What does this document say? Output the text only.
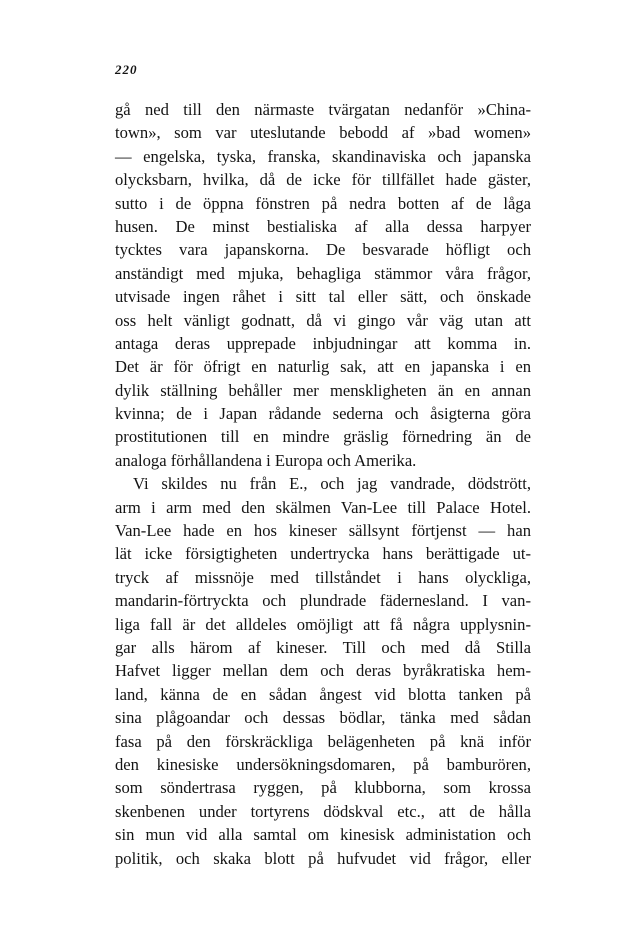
220
gå ned till den närmaste tvärgatan nedanför »China-
town», som var uteslutande bebodd af »bad women»
— engelska, tyska, franska, skandinaviska och japanska
olycksbarn, hvilka, då de icke för tillfället hade gäster,
sutto i de öppna fönstren på nedra botten af de låga
husen. De minst bestialiska af alla dessa harpyer
tycktes vara japanskorna. De besvarade höfligt och
anständigt med mjuka, behagliga stämmor våra frågor,
utvisade ingen råhet i sitt tal eller sätt, och önskade
oss helt vänligt godnatt, då vi gingo vår väg utan att
antaga deras upprepade inbjudningar att komma in.
Det är för öfrigt en naturlig sak, att en japanska i en
dylik ställning behåller mer menskligheten än en annan
kvinna; de i Japan rådande sederna och åsigterna göra
prostitutionen till en mindre gräslig förnedring än de
analoga förhållandena i Europa och Amerika.
Vi skildes nu från E., och jag vandrade, dödstrött,
arm i arm med den skälmen Van-Lee till Palace Hotel.
Van-Lee hade en hos kineser sällsynt förtjenst — han
lät icke försigtigheten undertrycka hans berättigade ut-
tryck af missnöje med tillståndet i hans olyckliga,
mandarin-förtryckta och plundrade fädernesland. I van-
liga fall är det alldeles omöjligt att få några upplysnin-
gar alls härom af kineser. Till och med då Stilla
Hafvet ligger mellan dem och deras byråkratiska hem-
land, känna de en sådan ångest vid blotta tanken på
sina plågoandar och dessas bödlar, tänka med sådan
fasa på den förskräckliga belägenheten på knä inför
den kinesiske undersökningsdomaren, på bamburören,
som söndertrasa ryggen, på klubborna, som krossa
skenbenen under tortyrens dödskval etc., att de hålla
sin mun vid alla samtal om kinesisk administation och
politik, och skaka blott på hufvudet vid frågor, eller
